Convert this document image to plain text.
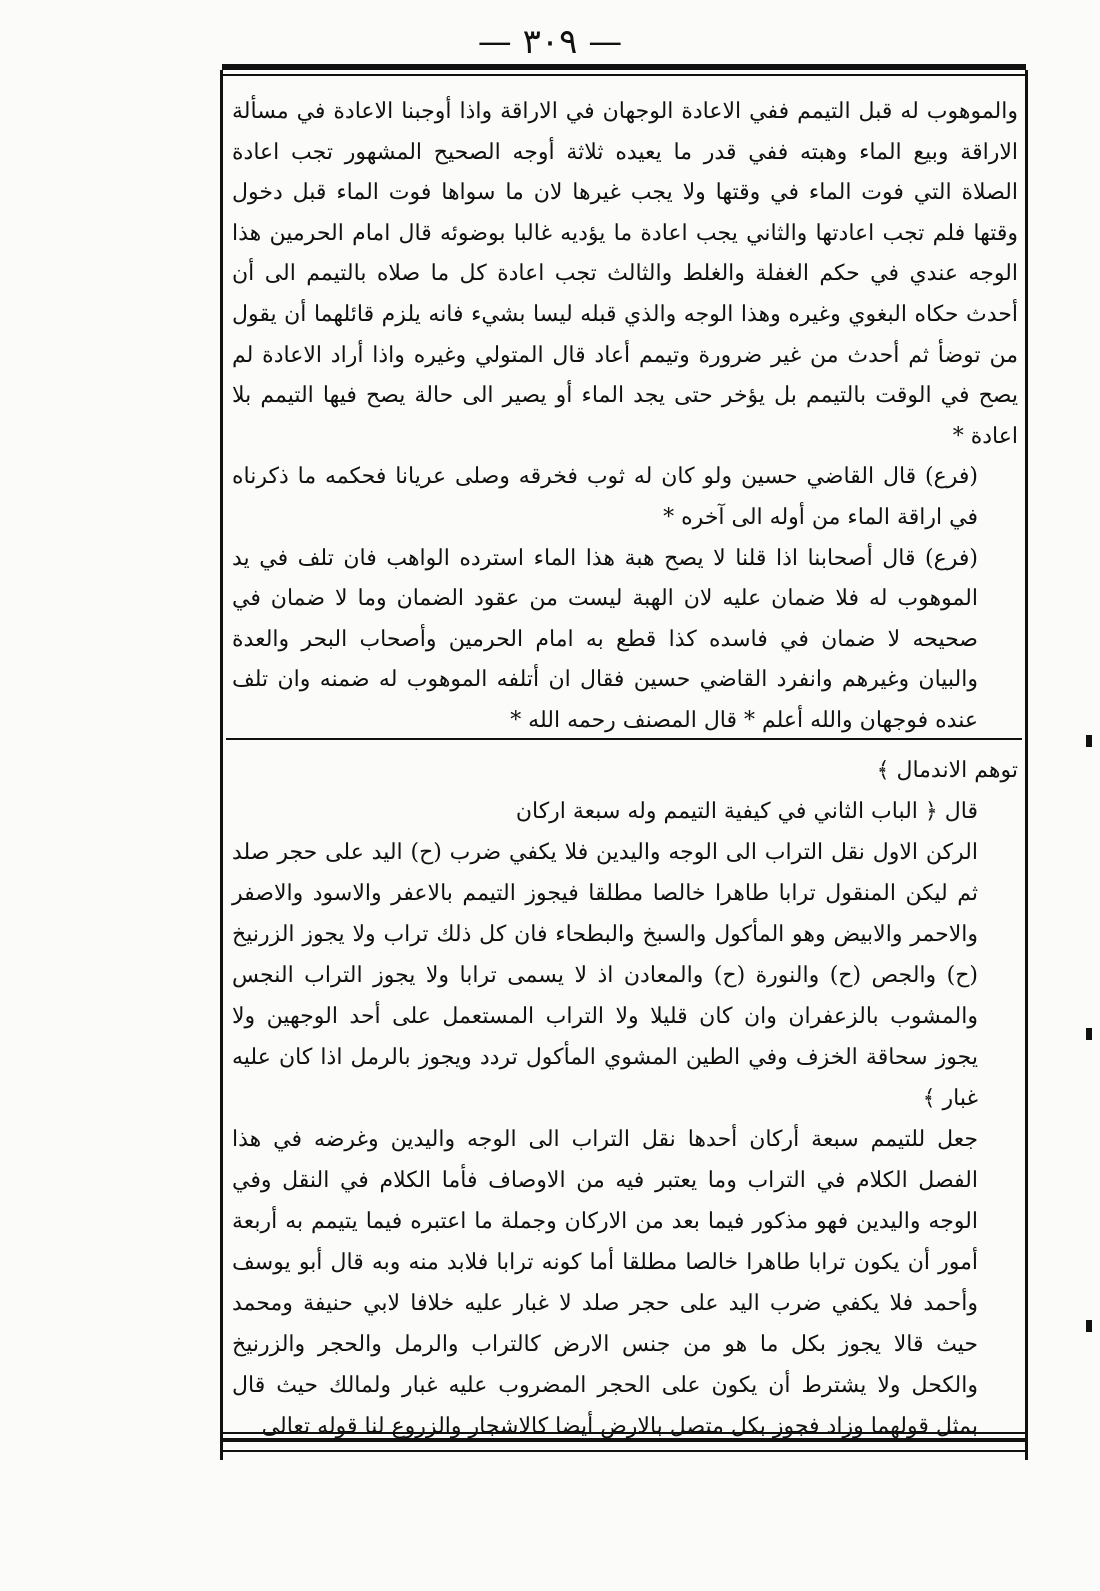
— ٣٠٩ —

والموهوب له قبل التيمم ففي الاعادة الوجهان في الاراقة واذا أوجبنا الاعادة في مسألة الاراقة وبيع الماء وهبته ففي قدر ما يعيده ثلاثة أوجه الصحيح المشهور تجب اعادة الصلاة التي فوت الماء في وقتها ولا يجب غيرها لان ما سواها فوت الماء قبل دخول وقتها فلم تجب اعادتها والثاني يجب اعادة ما يؤديه غالبا بوضوئه قال امام الحرمين هذا الوجه عندي في حكم الغفلة والغلط والثالث تجب اعادة كل ما صلاه بالتيمم الى أن أحدث حكاه البغوي وغيره وهذا الوجه والذي قبله ليسا بشيء فانه يلزم قائلهما أن يقول من توضأ ثم أحدث من غير ضرورة وتيمم أعاد قال المتولي وغيره واذا أراد الاعادة لم يصح في الوقت بالتيمم بل يؤخر حتى يجد الماء أو يصير الى حالة يصح فيها التيمم بلا اعادة *

(فرع) قال القاضي حسين ولو كان له ثوب فخرقه وصلى عريانا فحكمه ما ذكرناه في اراقة الماء من أوله الى آخره *

(فرع) قال أصحابنا اذا قلنا لا يصح هبة هذا الماء استرده الواهب فان تلف في يد الموهوب له فلا ضمان عليه لان الهبة ليست من عقود الضمان وما لا ضمان في صحيحه لا ضمان في فاسده كذا قطع به امام الحرمين وأصحاب البحر والعدة والبيان وغيرهم وانفرد القاضي حسين فقال ان أتلفه الموهوب له ضمنه وان تلف عنده فوجهان والله أعلم * قال المصنف رحمه الله *

توهم الاندمال ﴾

قال ﴿ الباب الثاني في كيفية التيمم وله سبعة اركان

الركن الاول نقل التراب الى الوجه واليدين فلا يكفي ضرب (ح) اليد على حجر صلد ثم ليكن المنقول ترابا طاهرا خالصا مطلقا فيجوز التيمم بالاعفر والاسود والاصفر والاحمر والابيض وهو المأكول والسبخ والبطحاء فان كل ذلك تراب ولا يجوز الزرنيخ (ح) والجص (ح) والنورة (ح) والمعادن اذ لا يسمى ترابا ولا يجوز التراب النجس والمشوب بالزعفران وان كان قليلا ولا التراب المستعمل على أحد الوجهين ولا يجوز سحاقة الخزف وفي الطين المشوي المأكول تردد ويجوز بالرمل اذا كان عليه غبار ﴾

جعل للتيمم سبعة أركان أحدها نقل التراب الى الوجه واليدين وغرضه في هذا الفصل الكلام في التراب وما يعتبر فيه من الاوصاف فأما الكلام في النقل وفي الوجه واليدين فهو مذكور فيما بعد من الاركان وجملة ما اعتبره فيما يتيمم به أربعة أمور أن يكون ترابا طاهرا خالصا مطلقا أما كونه ترابا فلابد منه وبه قال أبو يوسف وأحمد فلا يكفي ضرب اليد على حجر صلد لا غبار عليه خلافا لابي حنيفة ومحمد حيث قالا يجوز بكل ما هو من جنس الارض كالتراب والرمل والحجر والزرنيخ والكحل ولا يشترط أن يكون على الحجر المضروب عليه غبار ولمالك حيث قال بمثل قولهما وزاد فجوز بكل متصل بالارض أيضا كالاشجار والزروع لنا قوله تعالى
